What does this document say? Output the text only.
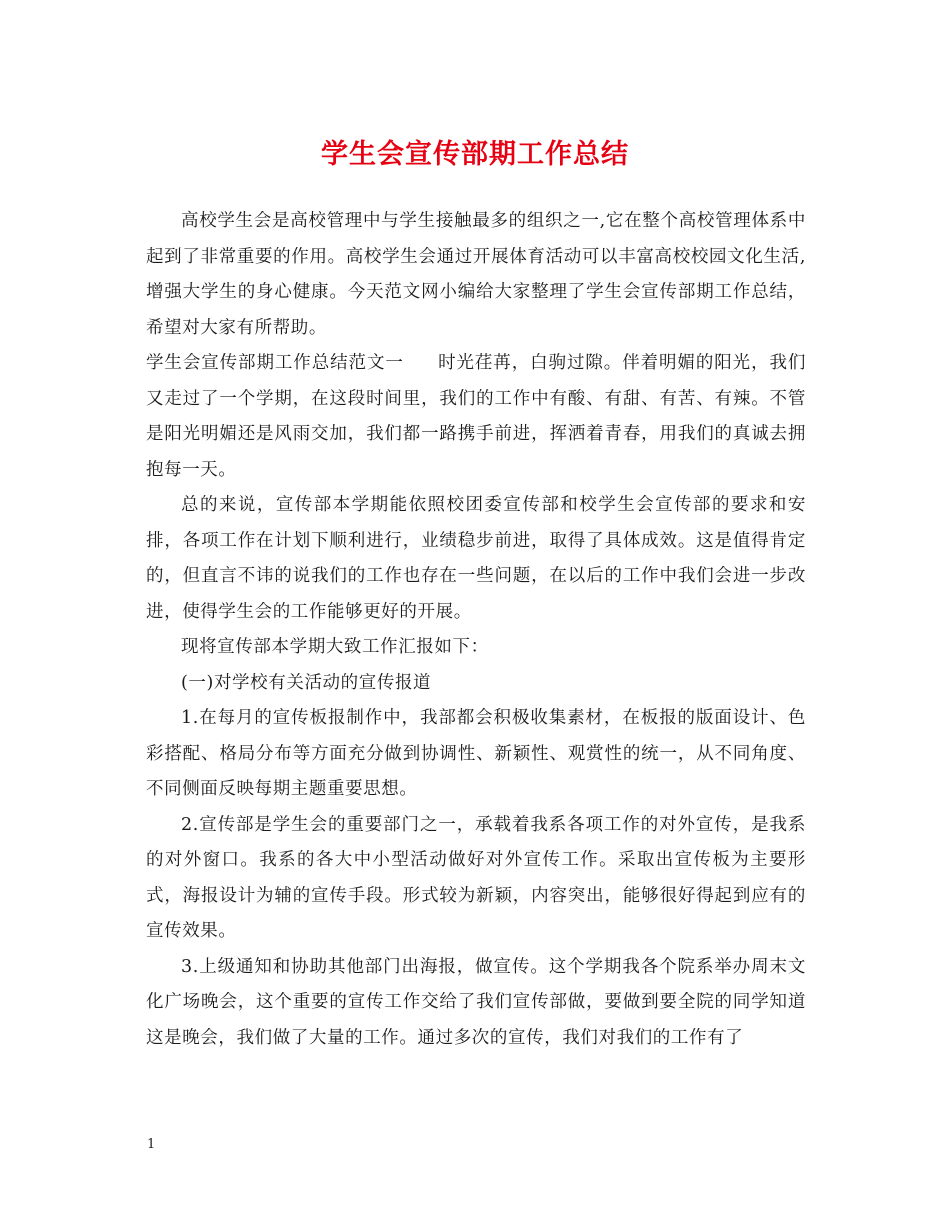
学生会宣传部期工作总结

高校学生会是高校管理中与学生接触最多的组织之一,它在整个高校管理体系中起到了非常重要的作用。高校学生会通过开展体育活动可以丰富高校校园文化生活,增强大学生的身心健康。今天范文网小编给大家整理了学生会宣传部期工作总结，希望对大家有所帮助。

学生会宣传部期工作总结范文一 时光荏苒，白驹过隙。伴着明媚的阳光，我们又走过了一个学期，在这段时间里，我们的工作中有酸、有甜、有苦、有辣。不管是阳光明媚还是风雨交加，我们都一路携手前进，挥洒着青春，用我们的真诚去拥抱每一天。

总的来说，宣传部本学期能依照校团委宣传部和校学生会宣传部的要求和安排，各项工作在计划下顺利进行，业绩稳步前进，取得了具体成效。这是值得肯定的，但直言不讳的说我们的工作也存在一些问题，在以后的工作中我们会进一步改进，使得学生会的工作能够更好的开展。

现将宣传部本学期大致工作汇报如下：

(一)对学校有关活动的宣传报道

1.在每月的宣传板报制作中，我部都会积极收集素材，在板报的版面设计、色彩搭配、格局分布等方面充分做到协调性、新颖性、观赏性的统一，从不同角度、不同侧面反映每期主题重要思想。

2.宣传部是学生会的重要部门之一，承载着我系各项工作的对外宣传，是我系的对外窗口。我系的各大中小型活动做好对外宣传工作。采取出宣传板为主要形式，海报设计为辅的宣传手段。形式较为新颖，内容突出，能够很好得起到应有的宣传效果。

3.上级通知和协助其他部门出海报，做宣传。这个学期我各个院系举办周末文化广场晚会，这个重要的宣传工作交给了我们宣传部做，要做到要全院的同学知道这是晚会，我们做了大量的工作。通过多次的宣传，我们对我们的工作有了

1
